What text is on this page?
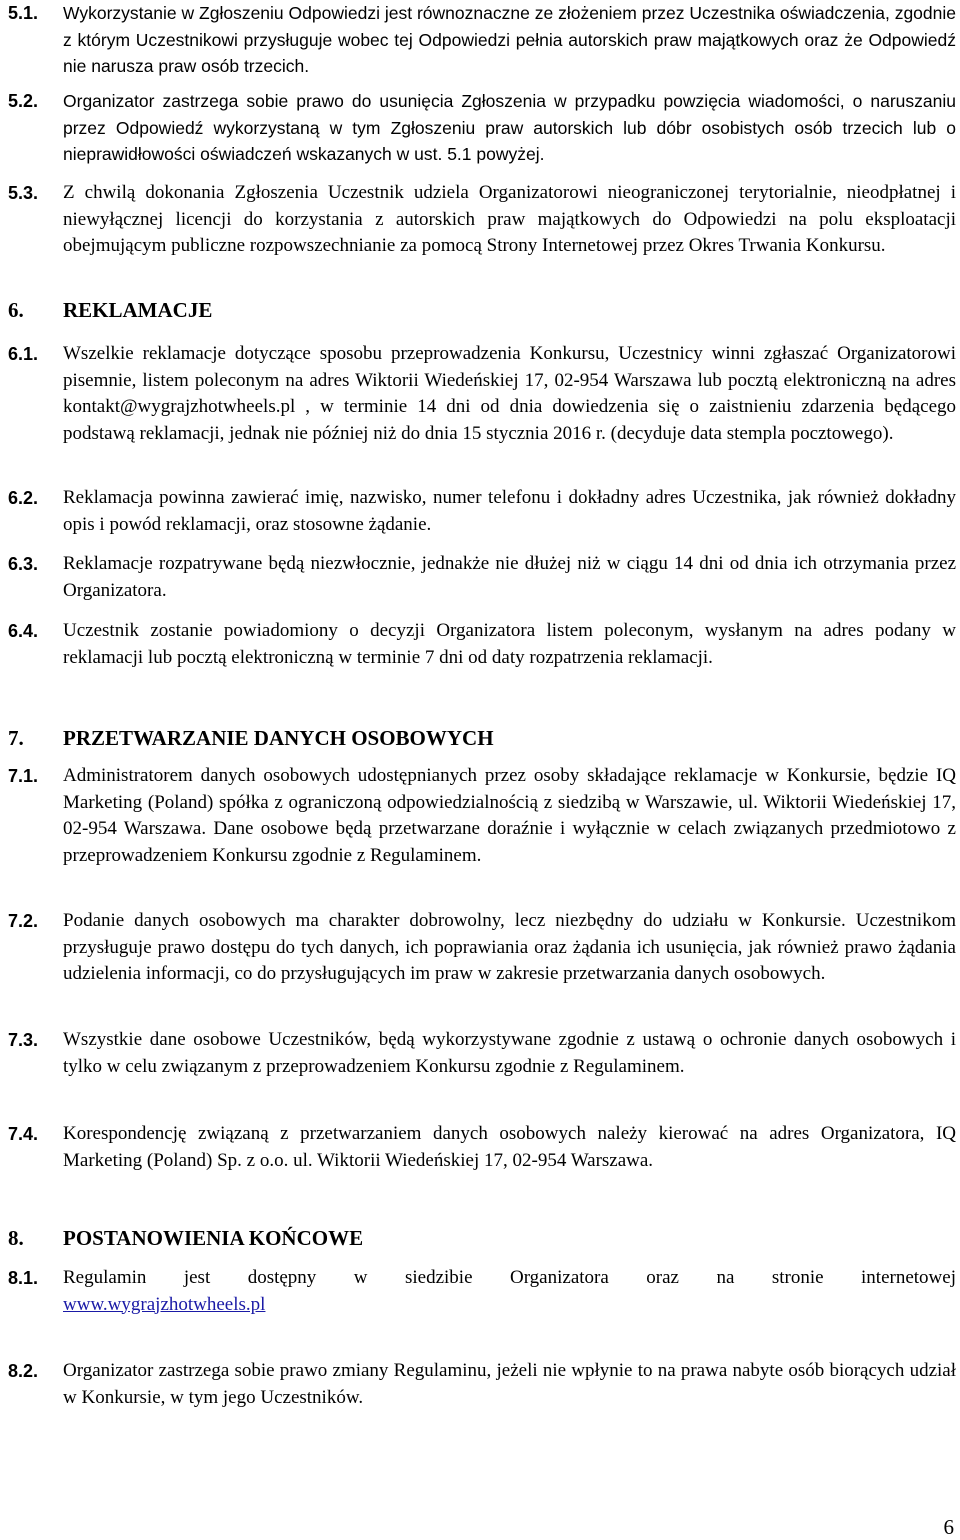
5.1. Wykorzystanie w Zgłoszeniu Odpowiedzi jest równoznaczne ze złożeniem przez Uczestnika oświadczenia, zgodnie z którym Uczestnikowi przysługuje wobec tej Odpowiedzi pełnia autorskich praw majątkowych oraz że Odpowiedź nie narusza praw osób trzecich.
5.2. Organizator zastrzega sobie prawo do usunięcia Zgłoszenia w przypadku powzięcia wiadomości, o naruszaniu przez Odpowiedź wykorzystaną w tym Zgłoszeniu praw autorskich lub dóbr osobistych osób trzecich lub o nieprawidłowości oświadczeń wskazanych w ust. 5.1 powyżej.
5.3. Z chwilą dokonania Zgłoszenia Uczestnik udziela Organizatorowi nieograniczonej terytorialnie, nieodpłatnej i niewyłącznej licencji do korzystania z autorskich praw majątkowych do Odpowiedzi na polu eksploatacji obejmującym publiczne rozpowszechnianie za pomocą Strony Internetowej przez Okres Trwania Konkursu.
6. REKLAMACJE
6.1. Wszelkie reklamacje dotyczące sposobu przeprowadzenia Konkursu, Uczestnicy winni zgłaszać Organizatorowi pisemnie, listem poleconym na adres Wiktorii Wiedeńskiej 17, 02-954 Warszawa lub pocztą elektroniczną na adres kontakt@wygrajzhotwheels.pl , w terminie 14 dni od dnia dowiedzenia się o zaistnieniu zdarzenia będącego podstawą reklamacji, jednak nie później niż do dnia 15 stycznia 2016 r. (decyduje data stempla pocztowego).
6.2. Reklamacja powinna zawierać imię, nazwisko, numer telefonu i dokładny adres Uczestnika, jak również dokładny opis i powód reklamacji, oraz stosowne żądanie.
6.3. Reklamacje rozpatrywane będą niezwłocznie, jednakże nie dłużej niż w ciągu 14 dni od dnia ich otrzymania przez Organizatora.
6.4. Uczestnik zostanie powiadomiony o decyzji Organizatora listem poleconym, wysłanym na adres podany w reklamacji lub pocztą elektroniczną w terminie 7 dni od daty rozpatrzenia reklamacji.
7. PRZETWARZANIE DANYCH OSOBOWYCH
7.1. Administratorem danych osobowych udostępnianych przez osoby składające reklamacje w Konkursie, będzie IQ Marketing (Poland) spółka z ograniczoną odpowiedzialnością z siedzibą w Warszawie, ul. Wiktorii Wiedeńskiej 17, 02-954 Warszawa. Dane osobowe będą przetwarzane doraźnie i wyłącznie w celach związanych przedmiotowo z przeprowadzeniem Konkursu zgodnie z Regulaminem.
7.2. Podanie danych osobowych ma charakter dobrowolny, lecz niezbędny do udziału w Konkursie. Uczestnikom przysługuje prawo dostępu do tych danych, ich poprawiania oraz żądania ich usunięcia, jak również prawo żądania udzielenia informacji, co do przysługujących im praw w zakresie przetwarzania danych osobowych.
7.3. Wszystkie dane osobowe Uczestników, będą wykorzystywane zgodnie z ustawą o ochronie danych osobowych i tylko w celu związanym z przeprowadzeniem Konkursu zgodnie z Regulaminem.
7.4. Korespondencję związaną z przetwarzaniem danych osobowych należy kierować na adres Organizatora, IQ Marketing (Poland) Sp. z o.o. ul. Wiktorii Wiedeńskiej 17, 02-954 Warszawa.
8. POSTANOWIENIA KOŃCOWE
8.1. Regulamin jest dostępny w siedzibie Organizatora oraz na stronie internetowej
www.wygrajzhotwheels.pl
8.2. Organizator zastrzega sobie prawo zmiany Regulaminu, jeżeli nie wpłynie to na prawa nabyte osób biorących udział w Konkursie, w tym jego Uczestników.
6
